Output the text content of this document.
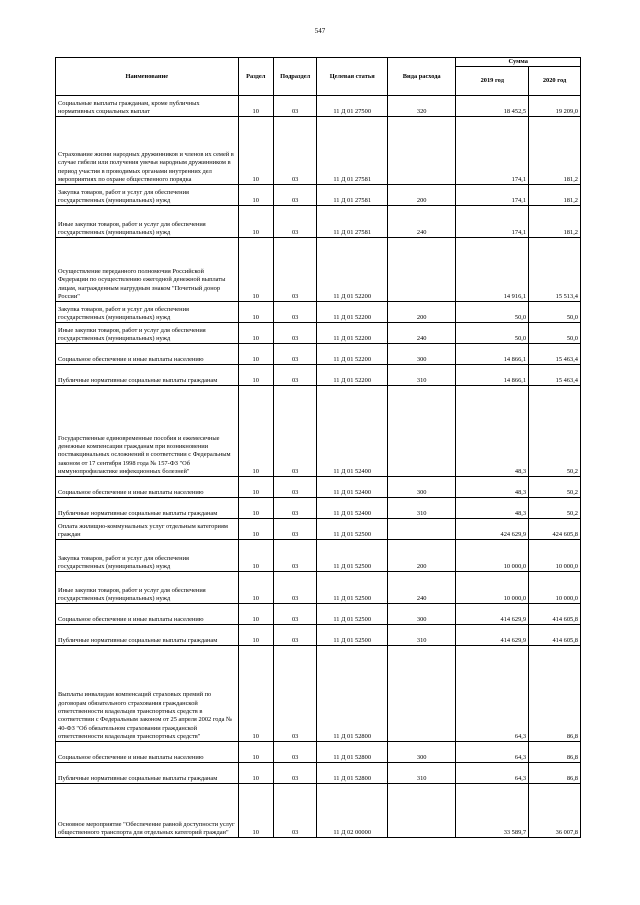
547
Наименование	Раздел	Подраздел	Целевая статья	Вида расхода	Сумма	
					2019 год	2020 год
Социальные выплаты гражданам, кроме публичных нормативных социальных выплат	10	03	11 Д 01 27500	320	18 452,5	19 209,0
Страхование жизни народных дружинников и членов их семей в случае гибели или получения увечья народным дружинником в период участия в проводимых органами внутренних дел мероприятиях по охране общественного порядка	10	03	11 Д 01 27581		174,1	181,2
Закупка товаров, работ и услуг для обеспечения государственных (муниципальных) нужд	10	03	11 Д 01 27581	200	174,1	181,2
Иные закупки товаров, работ и услуг для обеспечения государственных (муниципальных) нужд	10	03	11 Д 01 27581	240	174,1	181,2
Осуществление переданного полномочия Российской Федерации по осуществлению ежегодной денежной выплаты лицам, награжденным нагрудным знаком "Почетный донор России"	10	03	11 Д 01 52200		14 916,1	15 513,4
Закупка товаров, работ и услуг для обеспечения государственных (муниципальных) нужд	10	03	11 Д 01 52200	200	50,0	50,0
Иные закупки товаров, работ и услуг для обеспечения государственных (муниципальных) нужд	10	03	11 Д 01 52200	240	50,0	50,0
Социальное обеспечение и иные выплаты населению	10	03	11 Д 01 52200	300	14 866,1	15 463,4
Публичные нормативные социальные выплаты гражданам	10	03	11 Д 01 52200	310	14 866,1	15 463,4
Государственные единовременные пособия и ежемесячные денежные компенсации гражданам при возникновении поствакцинальных осложнений в соответствии с Федеральным законом от 17 сентября 1998 года № 157-ФЗ "Об иммунопрофилактике инфекционных болезней"	10	03	11 Д 01 52400		48,3	50,2
Социальное обеспечение и иные выплаты населению	10	03	11 Д 01 52400	300	48,3	50,2
Публичные нормативные социальные выплаты гражданам	10	03	11 Д 01 52400	310	48,3	50,2
Оплата жилищно-коммунальных услуг отдельным категориям граждан	10	03	11 Д 01 52500		424 629,9	424 605,8
Закупка товаров, работ и услуг для обеспечения государственных (муниципальных) нужд	10	03	11 Д 01 52500	200	10 000,0	10 000,0
Иные закупки товаров, работ и услуг для обеспечения государственных (муниципальных) нужд	10	03	11 Д 01 52500	240	10 000,0	10 000,0
Социальное обеспечение и иные выплаты населению	10	03	11 Д 01 52500	300	414 629,9	414 605,8
Публичные нормативные социальные выплаты гражданам	10	03	11 Д 01 52500	310	414 629,9	414 605,8
Выплаты инвалидам компенсаций страховых премий по договорам обязательного страхования гражданской ответственности владельцев транспортных средств в соответствии с Федеральным законом от 25 апреля 2002 года № 40-ФЗ "Об обязательном страховании гражданской ответственности владельцев транспортных средств"	10	03	11 Д 01 52800		64,3	86,8
Социальное обеспечение и иные выплаты населению	10	03	11 Д 01 52800	300	64,3	86,8
Публичные нормативные социальные выплаты гражданам	10	03	11 Д 01 52800	310	64,3	86,8
Основное мероприятие "Обеспечение равной доступности услуг общественного транспорта для отдельных категорий граждан"	10	03	11 Д 02 00000		33 589,7	36 007,8
